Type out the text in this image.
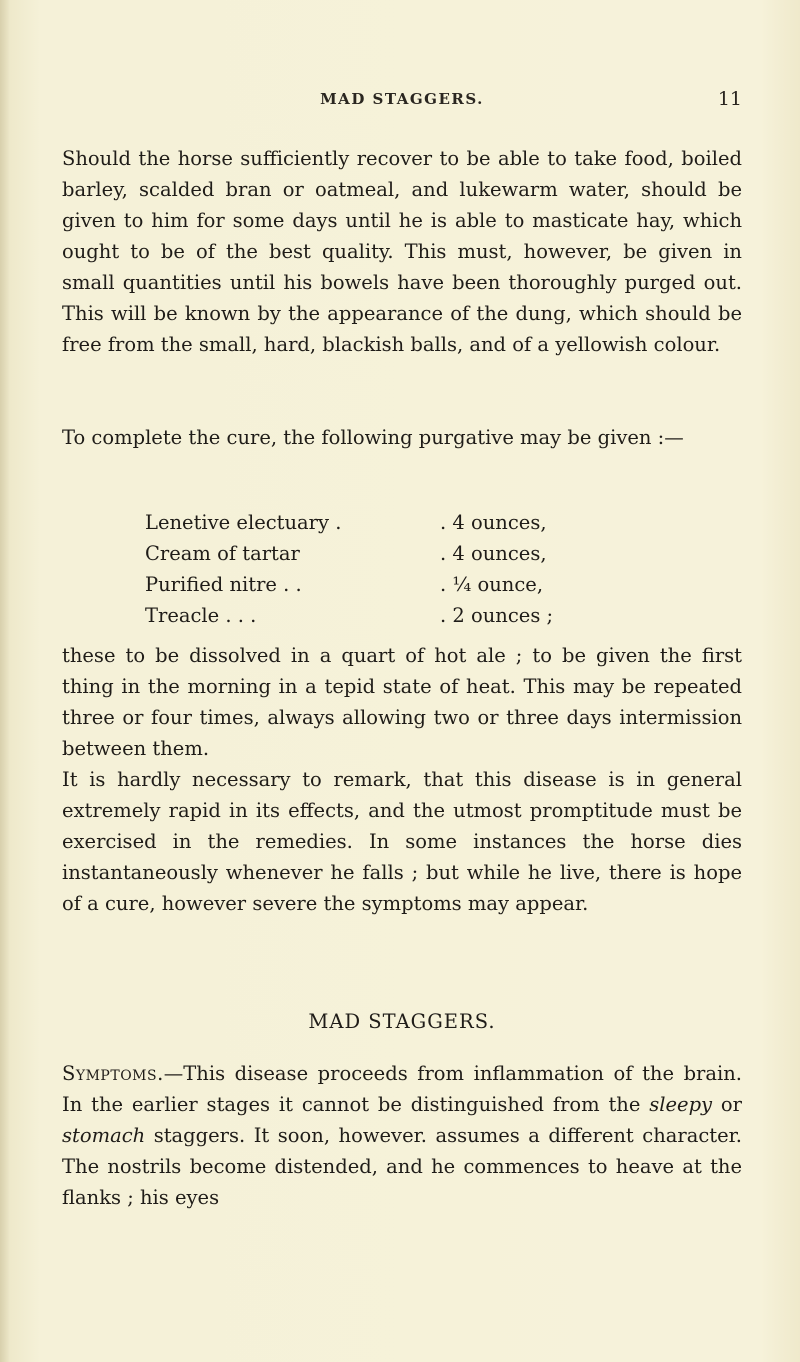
MAD STAGGERS.	11

Should the horse sufficiently recover to be able to take food, boiled barley, scalded bran or oatmeal, and lukewarm water, should be given to him for some days until he is able to masticate hay, which ought to be of the best quality. This must, however, be given in small quantities until his bowels have been thoroughly purged out. This will be known by the appearance of the dung, which should be free from the small, hard, blackish balls, and of a yellowish colour.

To complete the cure, the following purgative may be given :—

Lenetive electuary .	. 4 ounces,
Cream of tartar	. 4 ounces,
Purified nitre . .	. ¼ ounce,
Treacle . . .	. 2 ounces ;

these to be dissolved in a quart of hot ale ; to be given the first thing in the morning in a tepid state of heat. This may be repeated three or four times, always allowing two or three days intermission between them.

It is hardly necessary to remark, that this disease is in general extremely rapid in its effects, and the utmost promptitude must be exercised in the remedies. In some instances the horse dies instantaneously whenever he falls ; but while he live, there is hope of a cure, however severe the symptoms may appear.

MAD STAGGERS.

Symptoms.—This disease proceeds from inflammation of the brain. In the earlier stages it cannot be distinguished from the sleepy or stomach staggers. It soon, however. assumes a different character. The nostrils become distended, and he commences to heave at the flanks ; his eyes
